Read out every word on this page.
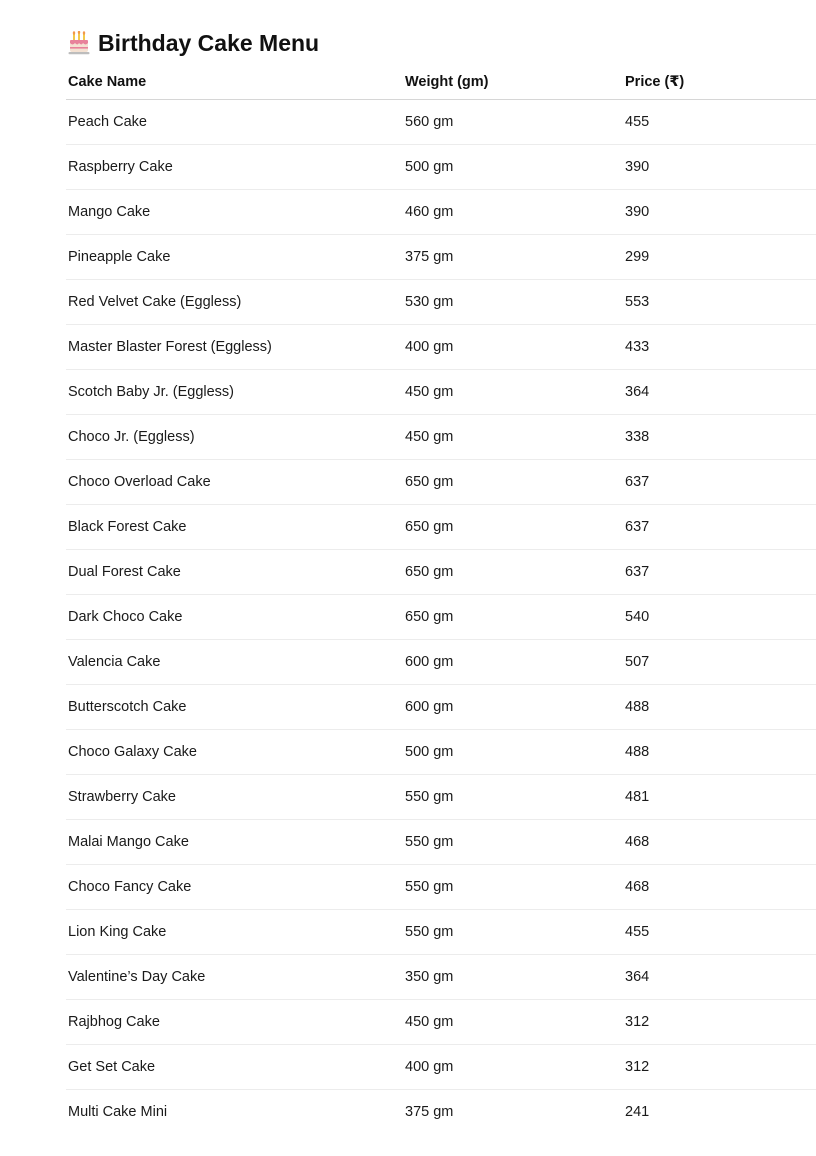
Birthday Cake Menu
Cake Name	Weight (gm)	Price (₹)
Peach Cake	560 gm	455
Raspberry Cake	500 gm	390
Mango Cake	460 gm	390
Pineapple Cake	375 gm	299
Red Velvet Cake (Eggless)	530 gm	553
Master Blaster Forest (Eggless)	400 gm	433
Scotch Baby Jr. (Eggless)	450 gm	364
Choco Jr. (Eggless)	450 gm	338
Choco Overload Cake	650 gm	637
Black Forest Cake	650 gm	637
Dual Forest Cake	650 gm	637
Dark Choco Cake	650 gm	540
Valencia Cake	600 gm	507
Butterscotch Cake	600 gm	488
Choco Galaxy Cake	500 gm	488
Strawberry Cake	550 gm	481
Malai Mango Cake	550 gm	468
Choco Fancy Cake	550 gm	468
Lion King Cake	550 gm	455
Valentine’s Day Cake	350 gm	364
Rajbhog Cake	450 gm	312
Get Set Cake	400 gm	312
Multi Cake Mini	375 gm	241
